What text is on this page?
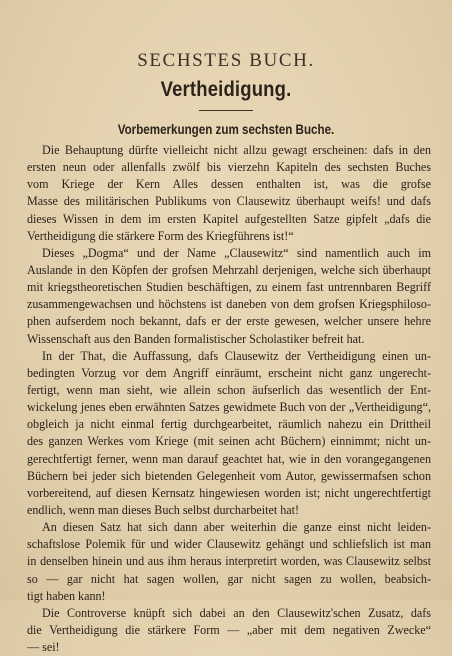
SECHSTES BUCH.
Vertheidigung.
Vorbemerkungen zum sechsten Buche.
Die Behauptung dürfte vielleicht nicht allzu gewagt erscheinen: dafs in den
ersten neun oder allenfalls zwölf bis vierzehn Kapiteln des sechsten Buches
vom Kriege der Kern Alles dessen enthalten ist, was die grofse
Masse des militärischen Publikums von Clausewitz überhaupt weifs! und dafs
dieses Wissen in dem im ersten Kapitel aufgestellten Satze gipfelt „dafs die
Vertheidigung die stärkere Form des Kriegführens ist!“
Dieses „Dogma“ und der Name „Clausewitz“ sind namentlich auch im
Auslande in den Köpfen der grofsen Mehrzahl derjenigen, welche sich überhaupt
mit kriegstheoretischen Studien beschäftigen, zu einem fast untrennbaren Begriff
zusammengewachsen und höchstens ist daneben von dem grofsen Kriegsphiloso-
phen aufserdem noch bekannt, dafs er der erste gewesen, welcher unsere hehre
Wissenschaft aus den Banden formalistischer Scholastiker befreit hat.
In der That, die Auffassung, dafs Clausewitz der Vertheidigung einen un-
bedingten Vorzug vor dem Angriff einräumt, erscheint nicht ganz ungerecht-
fertigt, wenn man sieht, wie allein schon äufserlich das wesentlich der Ent-
wickelung jenes eben erwähnten Satzes gewidmete Buch von der „Vertheidigung“,
obgleich ja nicht einmal fertig durchgearbeitet, räumlich nahezu ein Drittheil
des ganzen Werkes vom Kriege (mit seinen acht Büchern) einnimmt; nicht un-
gerechtfertigt ferner, wenn man darauf geachtet hat, wie in den vorangegangenen
Büchern bei jeder sich bietenden Gelegenheit vom Autor, gewissermafsen schon
vorbereitend, auf diesen Kernsatz hingewiesen worden ist; nicht ungerechtfertigt
endlich, wenn man dieses Buch selbst durcharbeitet hat!
An diesen Satz hat sich dann aber weiterhin die ganze einst nicht leiden-
schaftslose Polemik für und wider Clausewitz gehängt und schliefslich ist man
in denselben hinein und aus ihm heraus interpretirt worden, was Clausewitz selbst
so — gar nicht hat sagen wollen, gar nicht sagen zu wollen, beabsich-
tigt haben kann!
Die Controverse knüpft sich dabei an den Clausewitz'schen Zusatz, dafs
die Vertheidigung die stärkere Form — „aber mit dem negativen Zwecke“
— sei!
